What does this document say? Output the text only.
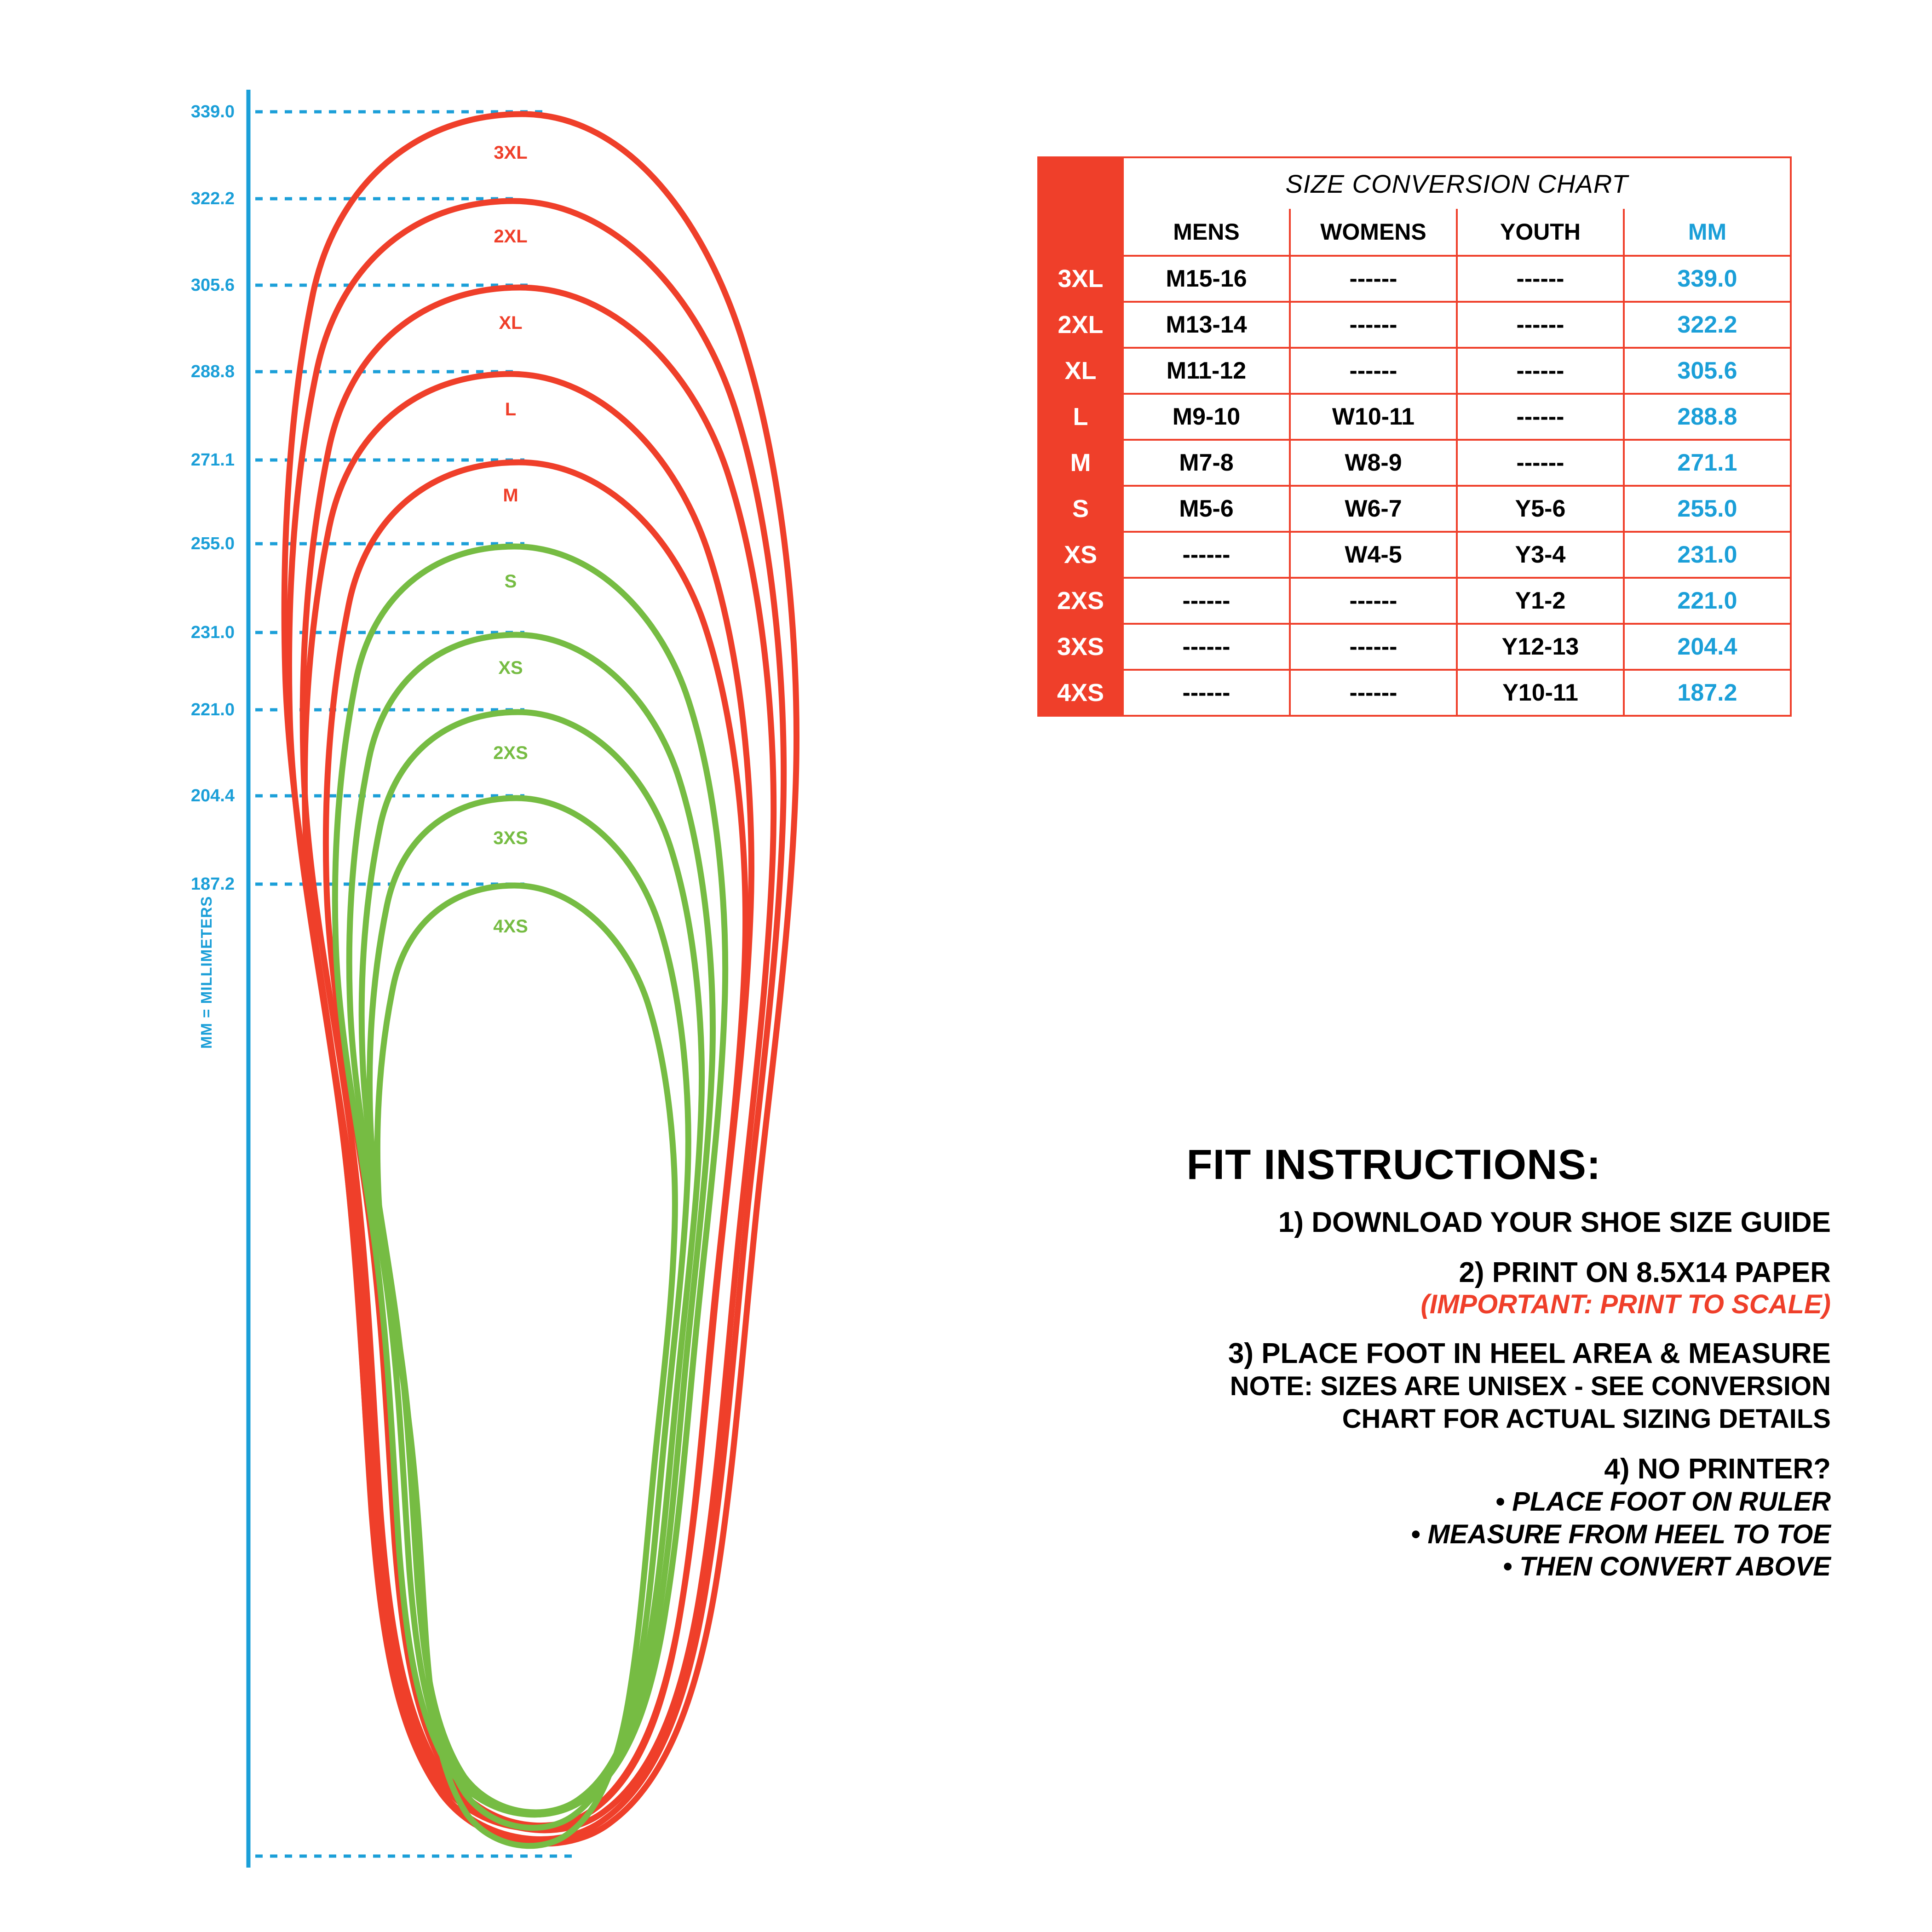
339.0
322.2
305.6
288.8
271.1
255.0
231.0
221.0
204.4
187.2
3XL
2XL
XL
L
M
S
XS
2XS
3XS
4XS
MM = MILLIMETERS
	SIZE CONVERSION CHART			
	MENS	WOMENS	YOUTH	MM
3XL	M15-16	------	------	339.0
2XL	M13-14	------	------	322.2
XL	M11-12	------	------	305.6
L	M9-10	W10-11	------	288.8
M	M7-8	W8-9	------	271.1
S	M5-6	W6-7	Y5-6	255.0
XS	------	W4-5	Y3-4	231.0
2XS	------	------	Y1-2	221.0
3XS	------	------	Y12-13	204.4
4XS	------	------	Y10-11	187.2
FIT INSTRUCTIONS:
1) DOWNLOAD YOUR SHOE SIZE GUIDE
2) PRINT ON 8.5X14 PAPER
(IMPORTANT: PRINT TO SCALE)
3) PLACE FOOT IN HEEL AREA & MEASURE
NOTE: SIZES ARE UNISEX - SEE CONVERSION
CHART FOR ACTUAL SIZING DETAILS
4) NO PRINTER?
• PLACE FOOT ON RULER
• MEASURE FROM HEEL TO TOE
• THEN CONVERT ABOVE
